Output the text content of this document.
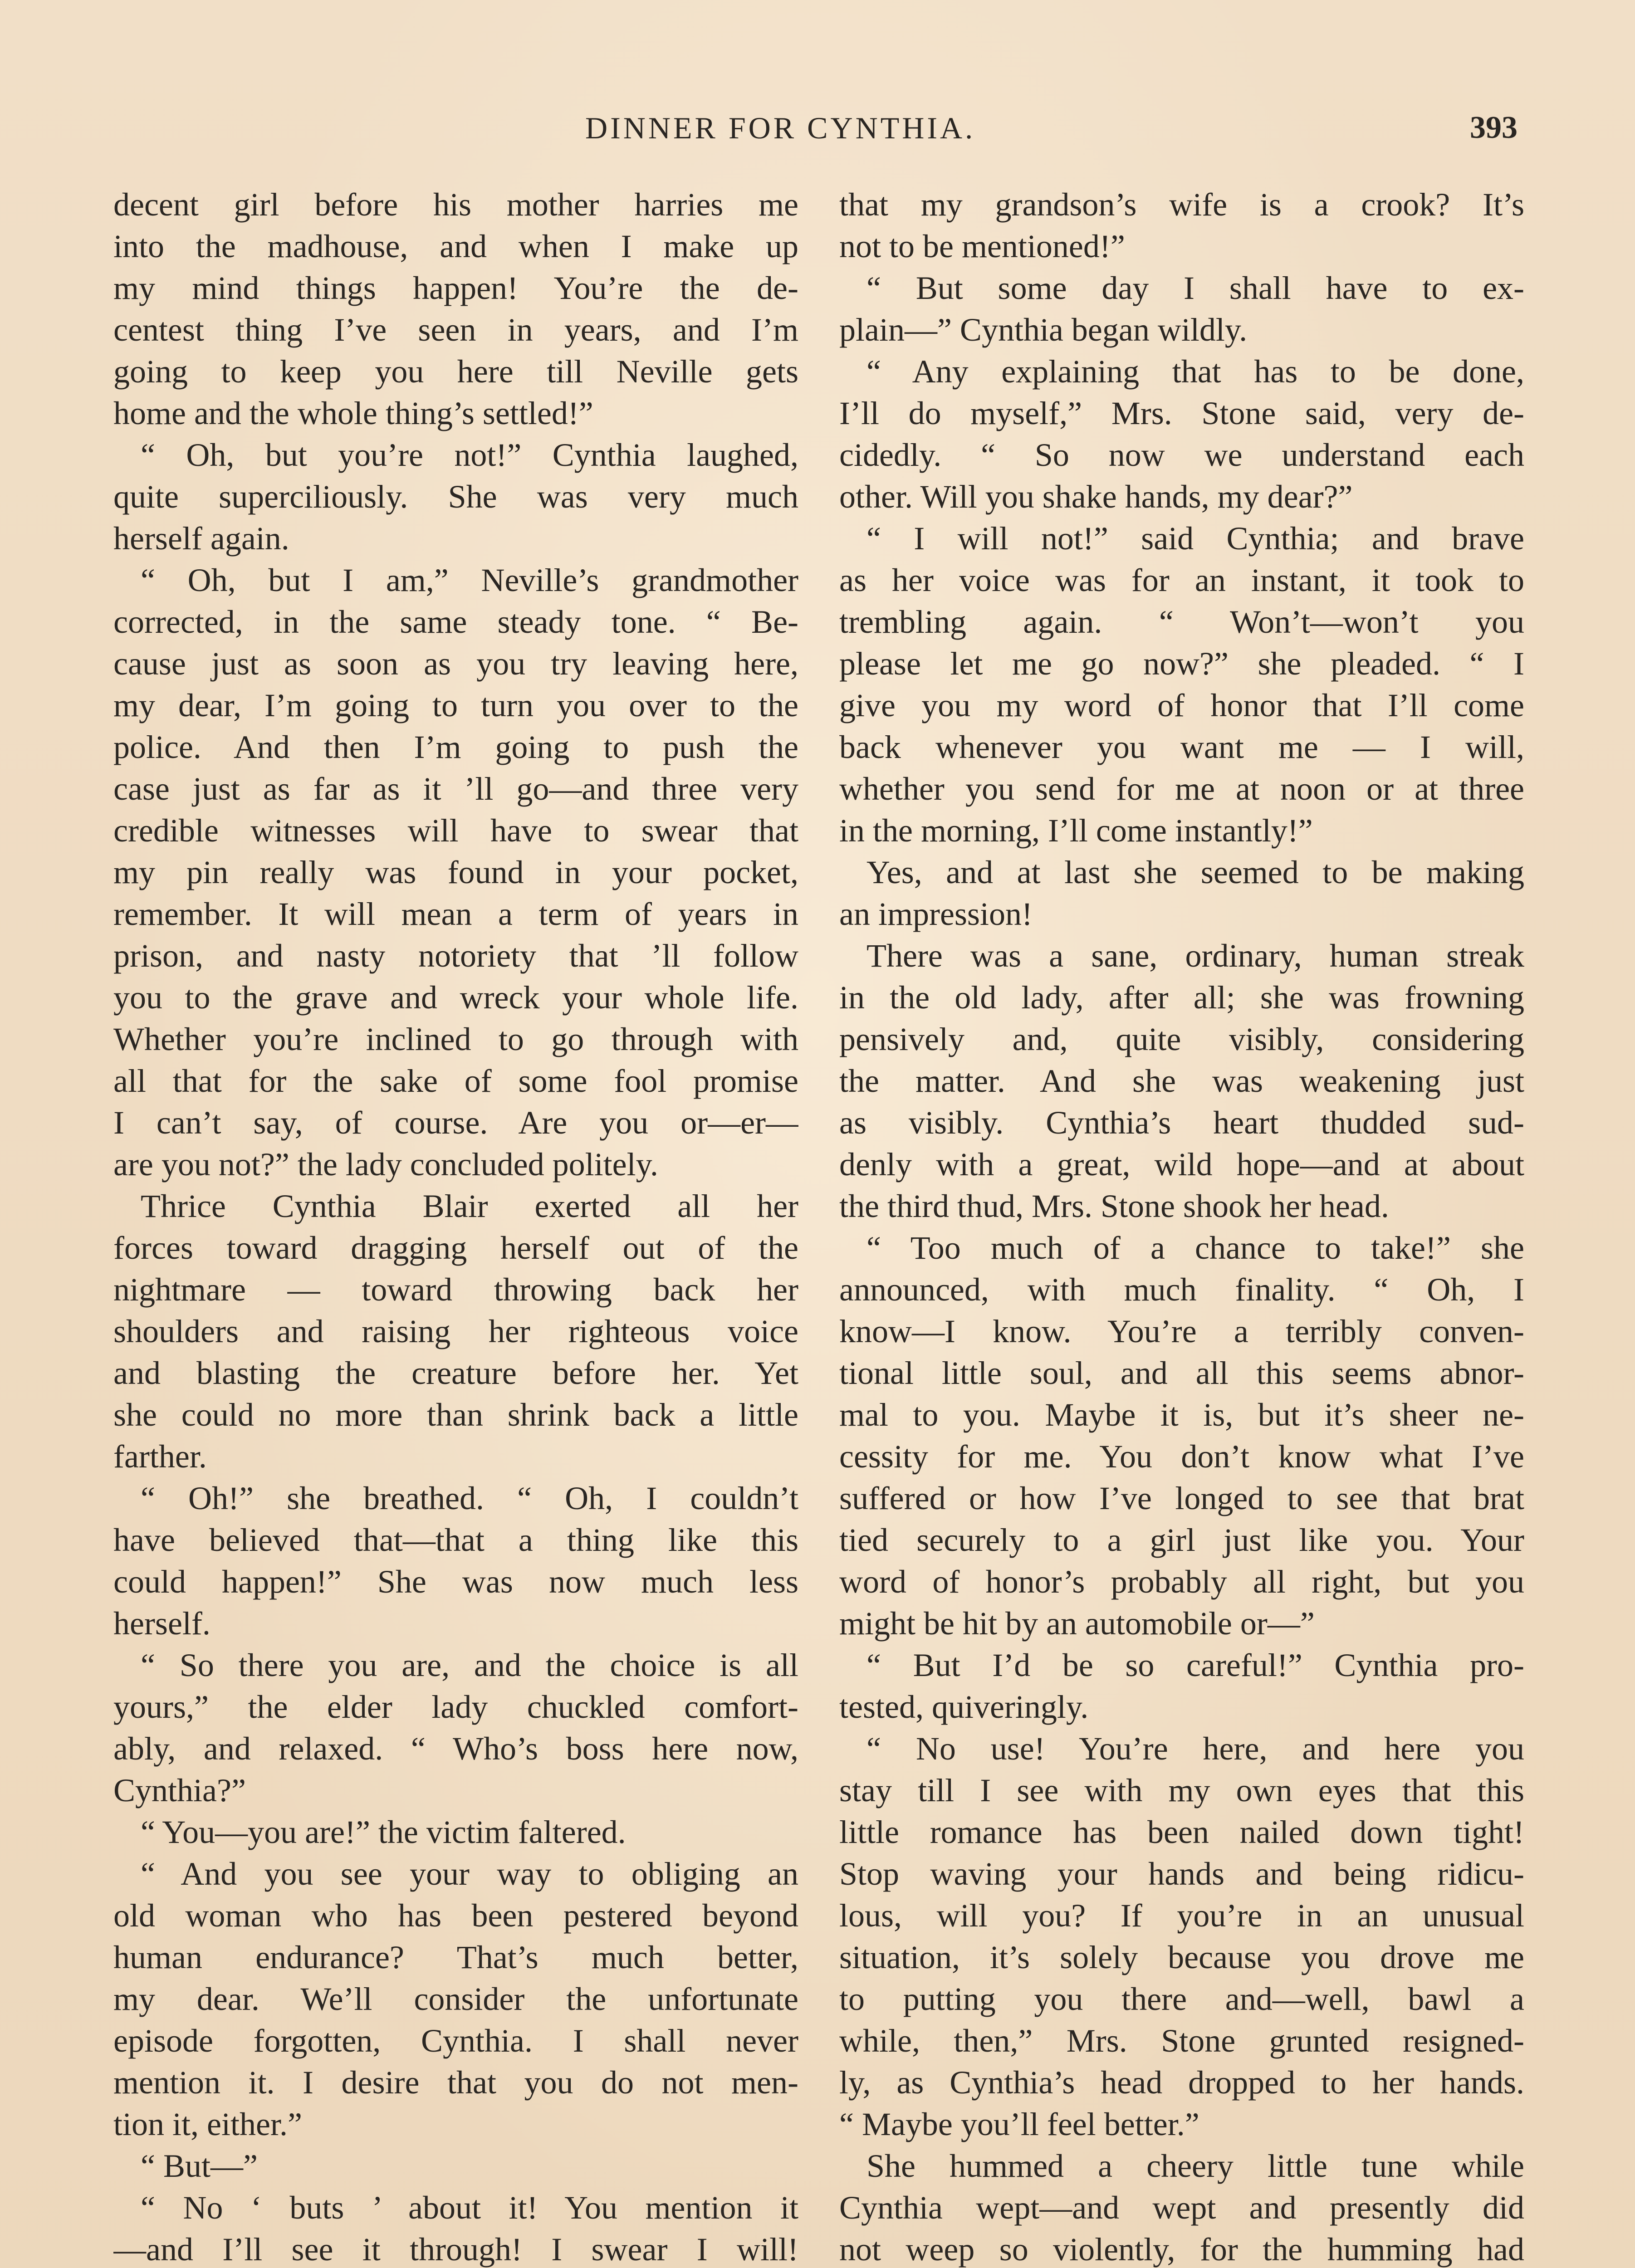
DINNER FOR CYNTHIA.	393
decent girl before his mother harries me
into the madhouse, and when I make up
my mind things happen! You’re the de-
centest thing I’ve seen in years, and I’m
going to keep you here till Neville gets
home and the whole thing’s settled!”
“ Oh, but you’re not!” Cynthia laughed,
quite superciliously. She was very much
herself again.
“ Oh, but I am,” Neville’s grandmother
corrected, in the same steady tone. “ Be-
cause just as soon as you try leaving here,
my dear, I’m going to turn you over to the
police. And then I’m going to push the
case just as far as it ’ll go—and three very
credible witnesses will have to swear that
my pin really was found in your pocket,
remember. It will mean a term of years in
prison, and nasty notoriety that ’ll follow
you to the grave and wreck your whole life.
Whether you’re inclined to go through with
all that for the sake of some fool promise
I can’t say, of course. Are you or—er—
are you not?” the lady concluded politely.
Thrice Cynthia Blair exerted all her
forces toward dragging herself out of the
nightmare — toward throwing back her
shoulders and raising her righteous voice
and blasting the creature before her. Yet
she could no more than shrink back a little
farther.
“ Oh!” she breathed. “ Oh, I couldn’t
have believed that—that a thing like this
could happen!” She was now much less
herself.
“ So there you are, and the choice is all
yours,” the elder lady chuckled comfort-
ably, and relaxed. “ Who’s boss here now,
Cynthia?”
“ You—you are!” the victim faltered.
“ And you see your way to obliging an
old woman who has been pestered beyond
human endurance? That’s much better,
my dear. We’ll consider the unfortunate
episode forgotten, Cynthia. I shall never
mention it. I desire that you do not men-
tion it, either.”
“ But—”
“ No ‘ buts ’ about it! You mention it
—and I’ll see it through! I swear I will!
that my grandson’s wife is a crook? It’s
not to be mentioned!”
“ But some day I shall have to ex-
plain—” Cynthia began wildly.
“ Any explaining that has to be done,
I’ll do myself,” Mrs. Stone said, very de-
cidedly. “ So now we understand each
other. Will you shake hands, my dear?”
“ I will not!” said Cynthia; and brave
as her voice was for an instant, it took to
trembling again. “ Won’t—won’t you
please let me go now?” she pleaded. “ I
give you my word of honor that I’ll come
back whenever you want me — I will,
whether you send for me at noon or at three
in the morning, I’ll come instantly!”
Yes, and at last she seemed to be making
an impression!
There was a sane, ordinary, human streak
in the old lady, after all; she was frowning
pensively and, quite visibly, considering
the matter. And she was weakening just
as visibly. Cynthia’s heart thudded sud-
denly with a great, wild hope—and at about
the third thud, Mrs. Stone shook her head.
“ Too much of a chance to take!” she
announced, with much finality. “ Oh, I
know—I know. You’re a terribly conven-
tional little soul, and all this seems abnor-
mal to you. Maybe it is, but it’s sheer ne-
cessity for me. You don’t know what I’ve
suffered or how I’ve longed to see that brat
tied securely to a girl just like you. Your
word of honor’s probably all right, but you
might be hit by an automobile or—”
“ But I’d be so careful!” Cynthia pro-
tested, quiveringly.
“ No use! You’re here, and here you
stay till I see with my own eyes that this
little romance has been nailed down tight!
Stop waving your hands and being ridicu-
lous, will you? If you’re in an unusual
situation, it’s solely because you drove me
to putting you there and—well, bawl a
while, then,” Mrs. Stone grunted resigned-
ly, as Cynthia’s head dropped to her hands.
“ Maybe you’ll feel better.”
She hummed a cheery little tune while
Cynthia wept—and wept and presently did
not weep so violently, for the humming had
